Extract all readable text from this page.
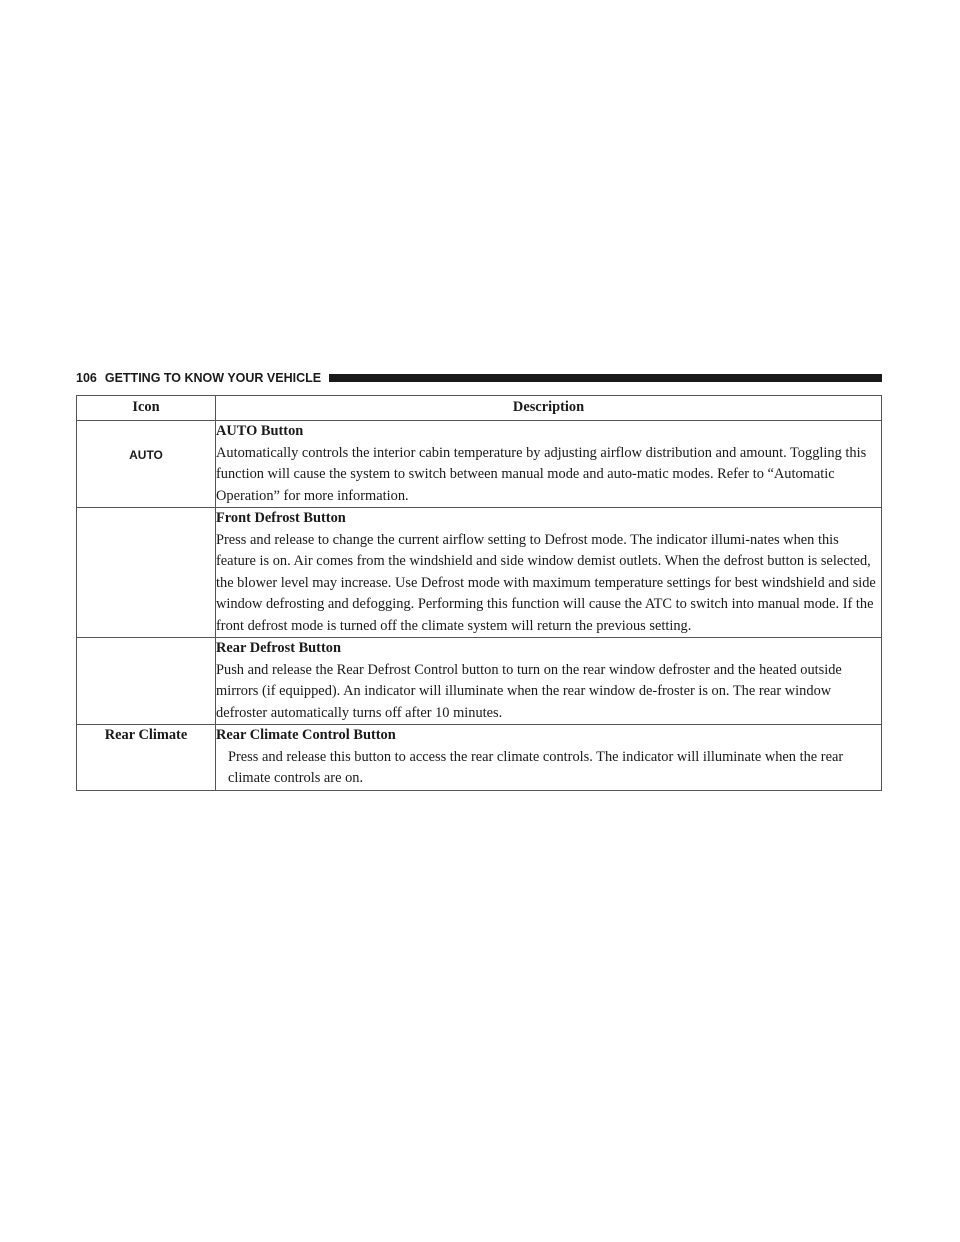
106 GETTING TO KNOW YOUR VEHICLE
Icon	Description
AUTO	AUTO Button
Automatically controls the interior cabin temperature by adjusting airflow distribution and amount. Toggling this function will cause the system to switch between manual mode and auto-matic modes. Refer to “Automatic Operation” for more information.

	Front Defrost Button
Press and release to change the current airflow setting to Defrost mode. The indicator illumi-nates when this feature is on. Air comes from the windshield and side window demist outlets. When the defrost button is selected, the blower level may increase. Use Defrost mode with maximum temperature settings for best windshield and side window defrosting and defogging. Performing this function will cause the ATC to switch into manual mode. If the front defrost mode is turned off the climate system will return the previous setting.

	Rear Defrost Button
Push and release the Rear Defrost Control button to turn on the rear window defroster and the heated outside mirrors (if equipped). An indicator will illuminate when the rear window de-froster is on. The rear window defroster automatically turns off after 10 minutes.

Rear Climate	Rear Climate Control Button
Press and release this button to access the rear climate controls. The indicator will illuminate when the rear climate controls are on.
